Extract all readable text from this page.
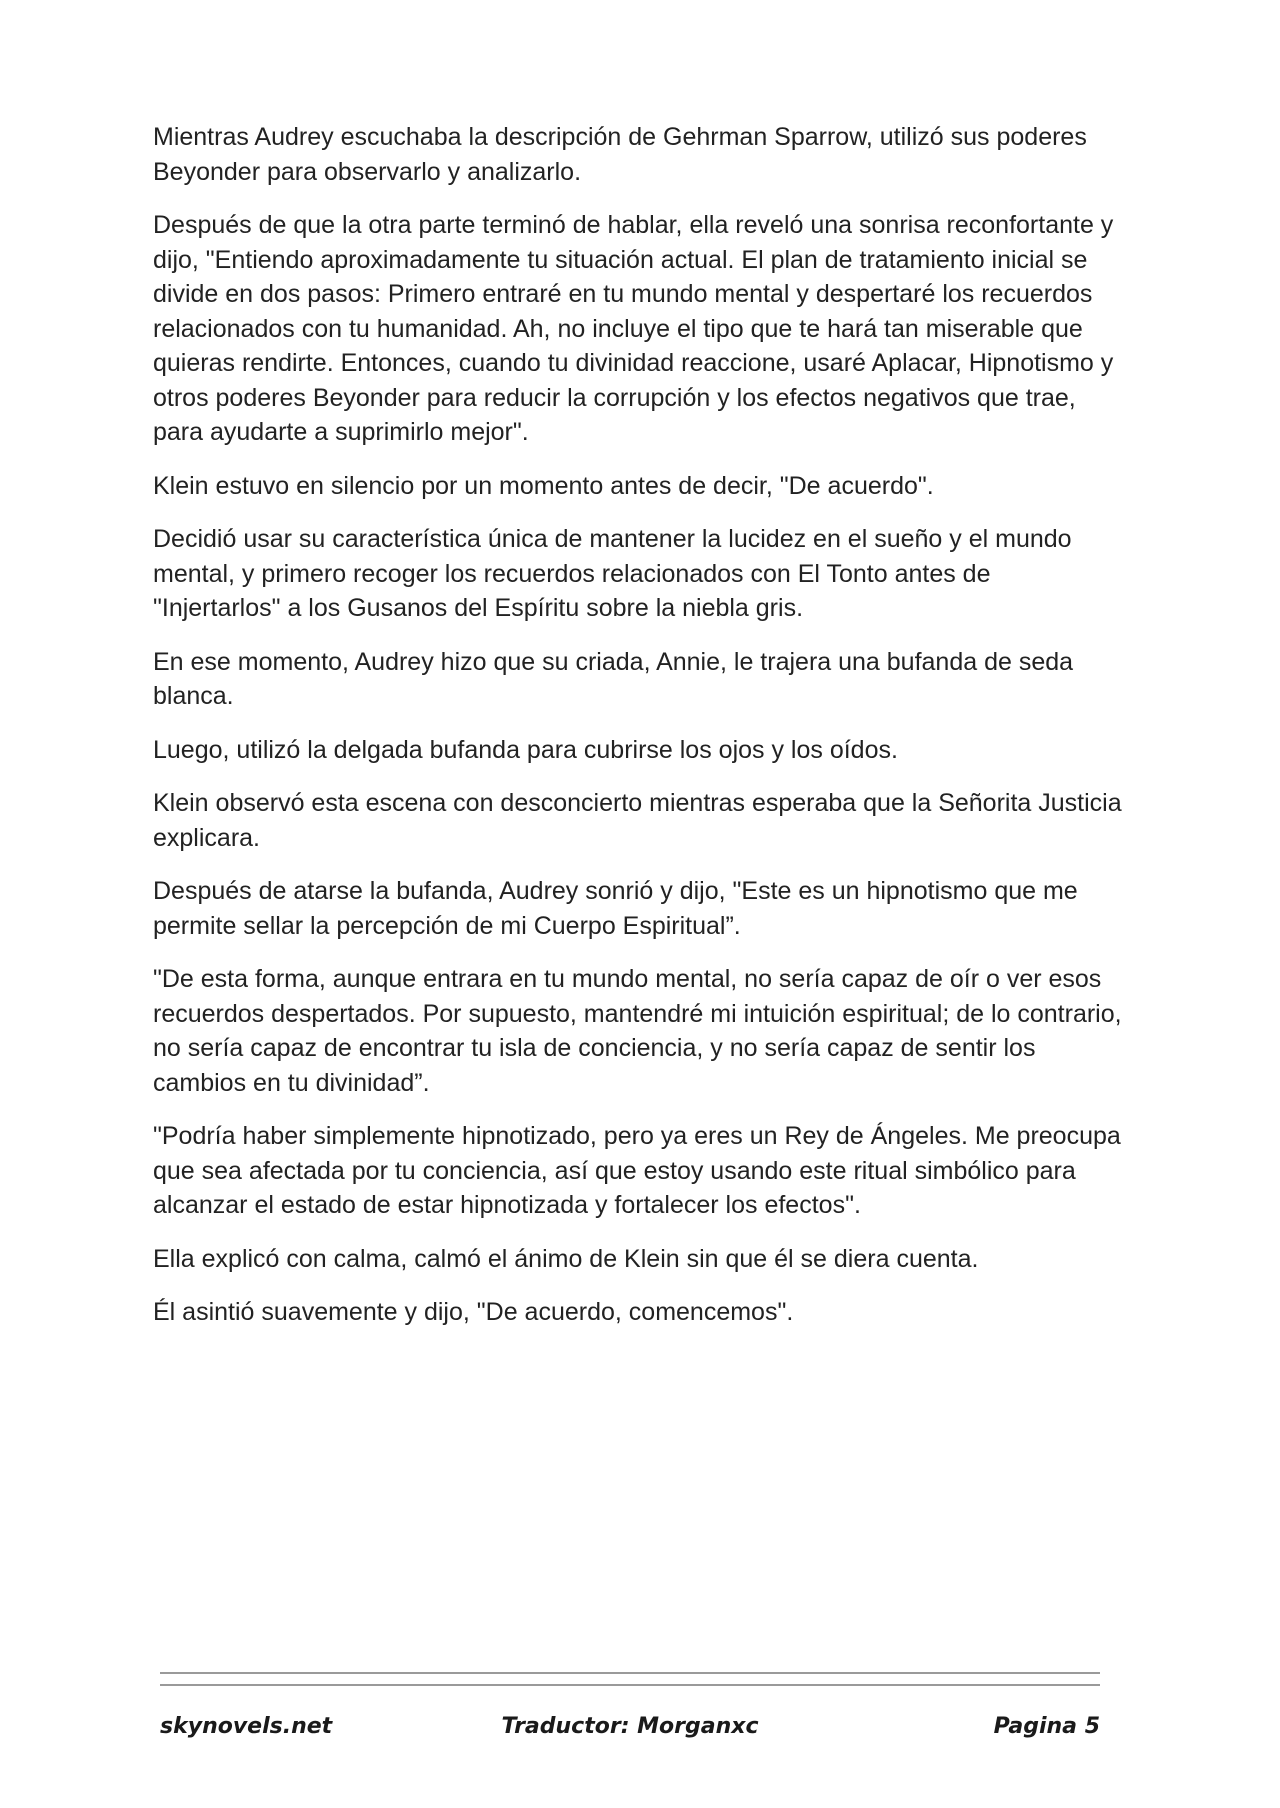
Mientras Audrey escuchaba la descripción de Gehrman Sparrow, utilizó sus poderes Beyonder para observarlo y analizarlo.

Después de que la otra parte terminó de hablar, ella reveló una sonrisa reconfortante y dijo, "Entiendo aproximadamente tu situación actual. El plan de tratamiento inicial se divide en dos pasos: Primero entraré en tu mundo mental y despertaré los recuerdos relacionados con tu humanidad. Ah, no incluye el tipo que te hará tan miserable que quieras rendirte. Entonces, cuando tu divinidad reaccione, usaré Aplacar, Hipnotismo y otros poderes Beyonder para reducir la corrupción y los efectos negativos que trae, para ayudarte a suprimirlo mejor".

Klein estuvo en silencio por un momento antes de decir, "De acuerdo".

Decidió usar su característica única de mantener la lucidez en el sueño y el mundo mental, y primero recoger los recuerdos relacionados con El Tonto antes de "Injertarlos" a los Gusanos del Espíritu sobre la niebla gris.

En ese momento, Audrey hizo que su criada, Annie, le trajera una bufanda de seda blanca.

Luego, utilizó la delgada bufanda para cubrirse los ojos y los oídos.

Klein observó esta escena con desconcierto mientras esperaba que la Señorita Justicia explicara.

Después de atarse la bufanda, Audrey sonrió y dijo, "Este es un hipnotismo que me permite sellar la percepción de mi Cuerpo Espiritual”.

"De esta forma, aunque entrara en tu mundo mental, no sería capaz de oír o ver esos recuerdos despertados. Por supuesto, mantendré mi intuición espiritual; de lo contrario, no sería capaz de encontrar tu isla de conciencia, y no sería capaz de sentir los cambios en tu divinidad”.

"Podría haber simplemente hipnotizado, pero ya eres un Rey de Ángeles. Me preocupa que sea afectada por tu conciencia, así que estoy usando este ritual simbólico para alcanzar el estado de estar hipnotizada y fortalecer los efectos".

Ella explicó con calma, calmó el ánimo de Klein sin que él se diera cuenta.

Él asintió suavemente y dijo, "De acuerdo, comencemos".

skynovels.net	Traductor: Morganxc	Pagina 5
